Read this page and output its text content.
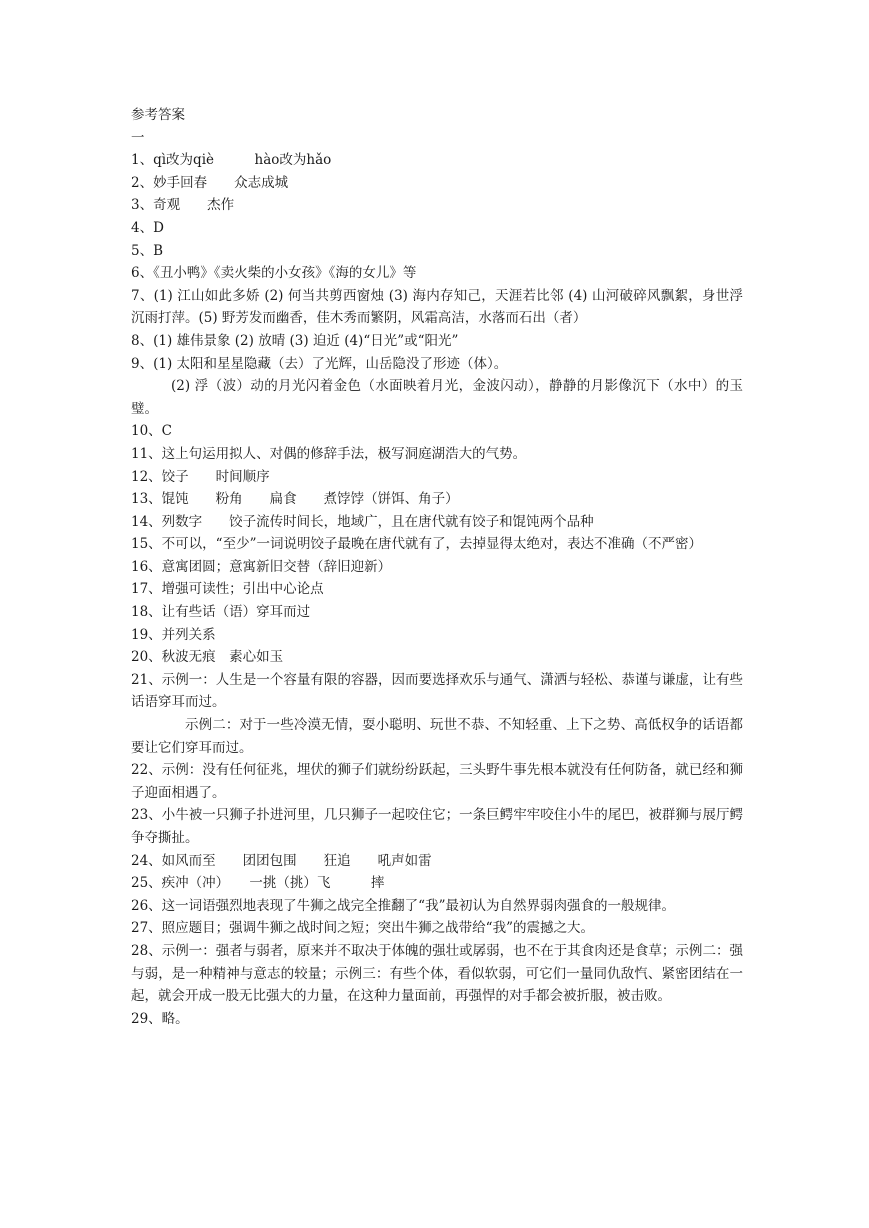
参考答案

一

1、qì改为qiè　　　hào改为hǎo

2、妙手回春　　众志成城

3、奇观　　杰作

4、D

5、B

6、《丑小鸭》《卖火柴的小女孩》《海的女儿》等

7、(1) 江山如此多娇 (2) 何当共剪西窗烛 (3) 海内存知己，天涯若比邻 (4) 山河破碎风飘絮，身世浮沉雨打萍。(5) 野芳发而幽香，佳木秀而繁阴，风霜高洁，水落而石出（者）

8、(1) 雄伟景象 (2) 放晴 (3) 迫近 (4)“日光”或“阳光”

9、(1) 太阳和星星隐藏（去）了光辉，山岳隐没了形迹（体）。

(2) 浮（波）动的月光闪着金色（水面映着月光，金波闪动），静静的月影像沉下（水中）的玉璧。

10、C

11、这上句运用拟人、对偶的修辞手法，极写洞庭湖浩大的气势。

12、饺子　　时间顺序

13、馄饨　　粉角　　扁食　　煮饽饽（饼饵、角子）

14、列数字　　饺子流传时间长，地域广，且在唐代就有饺子和馄饨两个品种

15、不可以，“至少”一词说明饺子最晚在唐代就有了，去掉显得太绝对，表达不准确（不严密）

16、意寓团圆；意寓新旧交替（辞旧迎新）

17、增强可读性；引出中心论点

18、让有些话（语）穿耳而过

19、并列关系

20、秋波无痕　素心如玉

21、示例一：人生是一个容量有限的容器，因而要选择欢乐与通气、潇洒与轻松、恭谨与谦虚，让有些话语穿耳而过。

示例二：对于一些冷漠无情，耍小聪明、玩世不恭、不知轻重、上下之势、高低权争的话语都要让它们穿耳而过。

22、示例：没有任何征兆，埋伏的狮子们就纷纷跃起，三头野牛事先根本就没有任何防备，就已经和狮子迎面相遇了。

23、小牛被一只狮子扑进河里，几只狮子一起咬住它；一条巨鳄牢牢咬住小牛的尾巴，被群狮与展厅鳄争夺撕扯。

24、如风而至　　团团包围　　狂追　　吼声如雷

25、疾冲（冲）　　一挑（挑）飞　　　摔

26、这一词语强烈地表现了牛狮之战完全推翻了“我”最初认为自然界弱肉强食的一般规律。

27、照应题目；强调牛狮之战时间之短；突出牛狮之战带给“我”的震撼之大。

28、示例一：强者与弱者，原来并不取决于体魄的强壮或孱弱，也不在于其食肉还是食草；示例二：强与弱，是一种精神与意志的较量；示例三：有些个体，看似软弱，可它们一量同仇敌忾、紧密团结在一起，就会开成一股无比强大的力量，在这种力量面前，再强悍的对手都会被折服，被击败。

29、略。
